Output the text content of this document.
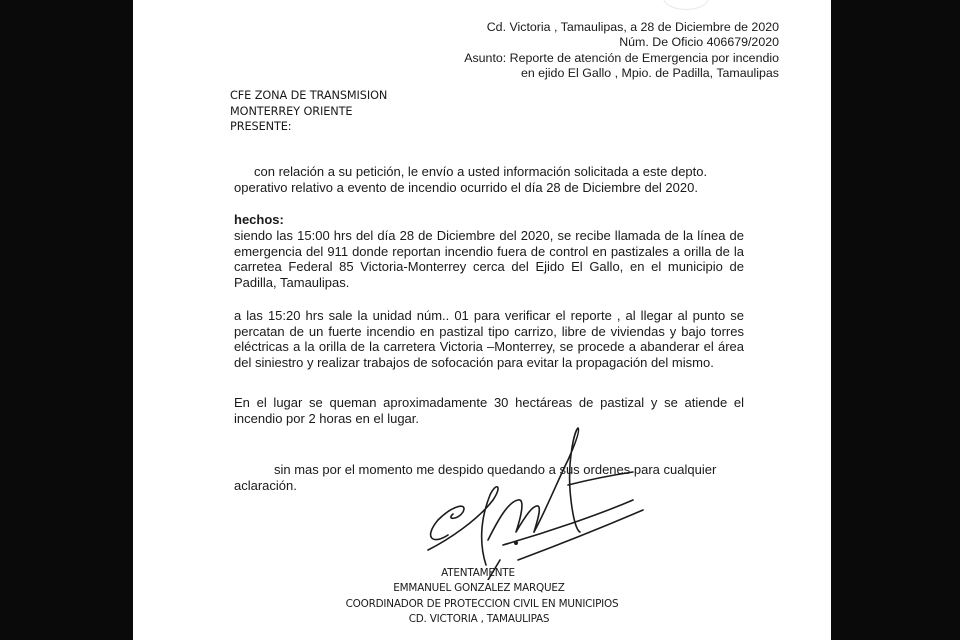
Cd. Victoria , Tamaulipas, a 28 de Diciembre de 2020
Núm. De Oficio 406679/2020
Asunto: Reporte de atención de Emergencia por incendio
en ejido El Gallo , Mpio. de Padilla, Tamaulipas
CFE ZONA DE TRANSMISION
MONTERREY ORIENTE
PRESENTE:
con relación a su petición, le envío a usted información solicitada a este depto.
operativo relativo a evento de incendio ocurrido el día 28 de Diciembre del 2020.
hechos:
siendo las 15:00 hrs del día 28 de Diciembre del 2020, se recibe llamada de la línea de emergencia del 911 donde reportan incendio fuera de control en pastizales a orilla de la carretea Federal 85 Victoria-Monterrey cerca del Ejido El Gallo, en el municipio de Padilla, Tamaulipas.
a las 15:20 hrs sale la unidad núm.. 01 para verificar el reporte , al llegar al punto se percatan de un fuerte incendio en pastizal tipo carrizo, libre de viviendas y bajo torres eléctricas a la orilla de la carretera Victoria –Monterrey, se procede a abanderar el área del siniestro y realizar trabajos de sofocación para evitar la propagación del mismo.
En el lugar se queman aproximadamente 30 hectáreas de pastizal y se atiende el incendio por 2 horas en el lugar.
sin mas por el momento me despido quedando a sus ordenes para cualquier
aclaración.
ATENTAMENTE
EMMANUEL GONZALEZ MARQUEZ
COORDINADOR DE PROTECCION CIVIL EN MUNICIPIOS
CD. VICTORIA , TAMAULIPAS
